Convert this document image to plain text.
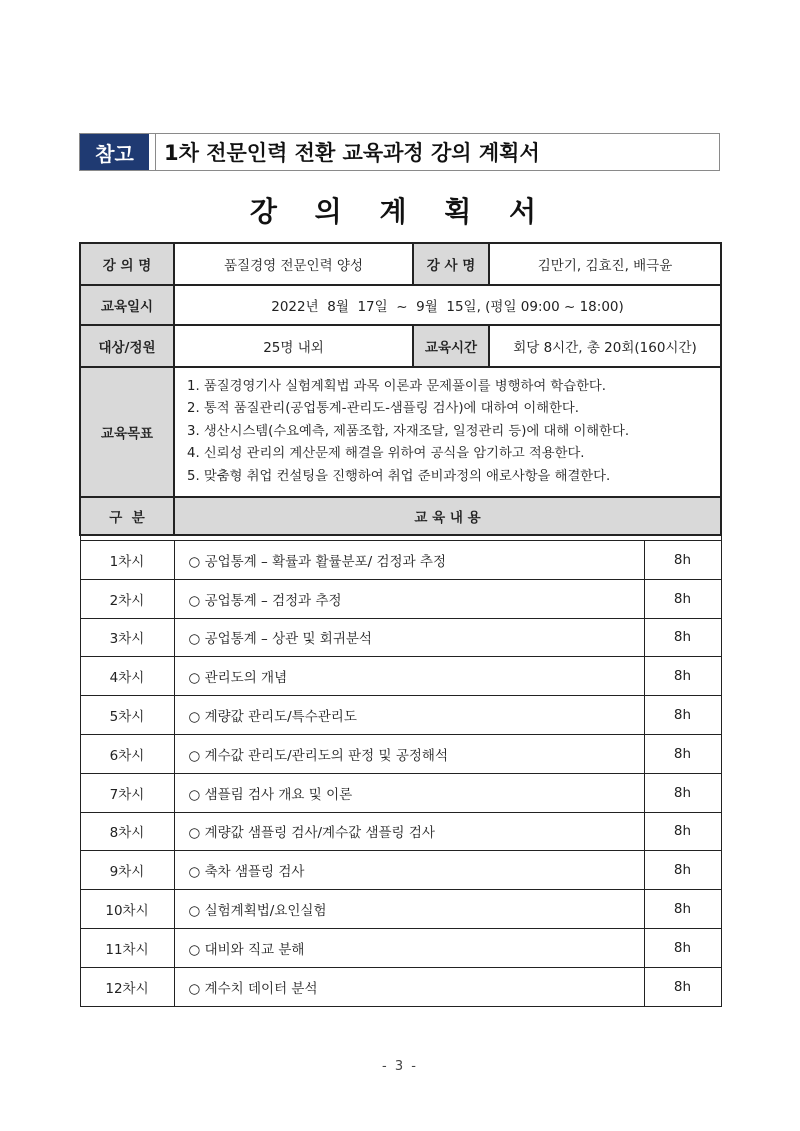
참고	1차 전문인력 전환 교육과정 강의 계획서
강 의 계 획 서
강 의 명	품질경영 전문인력 양성	강 사 명	김만기, 김효진, 배극윤	
교육일시	2022년  8월  17일  ~  9월  15일, (평일 09:00 ~ 18:00)			
대상/정원	25명 내외	교육시간	회당 8시간, 총 20회(160시간)	
교육목표	1. 품질경영기사 실험계획법 과목 이론과 문제풀이를 병행하여 학습한다.
2. 통적 품질관리(공업통계-관리도-샘플링 검사)에 대하여 이해한다.
3. 생산시스템(수요예측, 제품조합, 자재조달, 일정관리 등)에 대해 이해한다.
4. 신뢰성 관리의 계산문제 해결을 위하여 공식을 암기하고 적용한다.
5. 맞춤형 취업 컨설팅을 진행하여 취업 준비과정의 애로사항을 해결한다.			

구  분	교 육 내 용			

1차시	○ 공업통계 – 확률과 활률분포/ 검정과 추정			8h
2차시	○ 공업통계 – 검정과 추정			8h
3차시	○ 공업통계 – 상관 및 회귀분석			8h
4차시	○ 관리도의 개념			8h
5차시	○ 계량값 관리도/특수관리도			8h
6차시	○ 계수값 관리도/관리도의 판정 및 공정해석			8h
7차시	○ 샘플림 검사 개요 및 이론			8h
8차시	○ 계량값 샘플링 검사/계수값 샘플링 검사			8h
9차시	○ 축차 샘플링 검사			8h
10차시	○ 실험계획법/요인실험			8h
11차시	○ 대비와 직교 분해			8h
12차시	○ 계수치 데이터 분석			8h
- 3 -
